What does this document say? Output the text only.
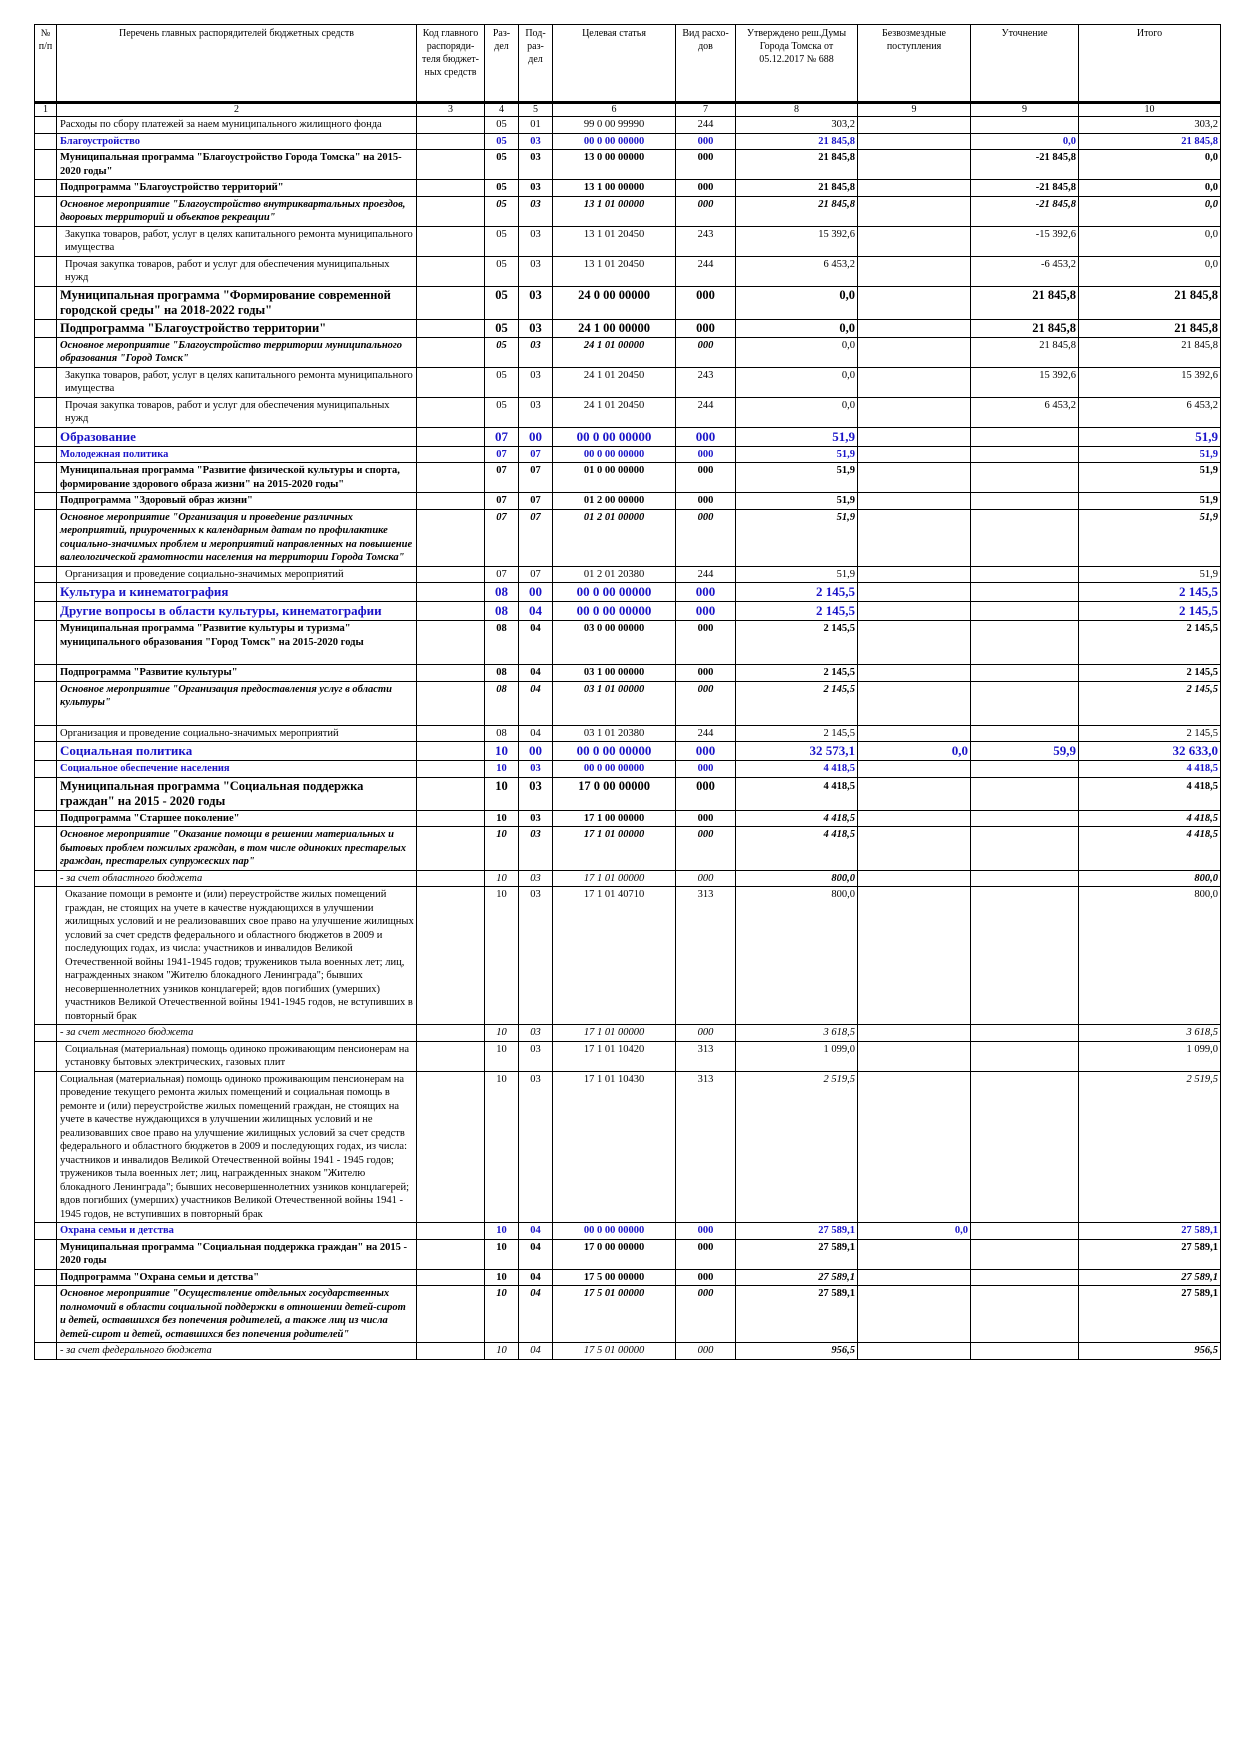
№ п/п	Перечень главных распорядителей бюджетных средств	Код главного распоряди-теля бюджет-ных средств	Раз-дел	Под-раз-дел	Целевая статья	Вид расхо-дов	Утверждено реш.Думы Города Томска от 05.12.2017 № 688	Безвозмездные поступления	Уточнение	Итого
1	2	3	4	5	6	7	8	9	9	10
	Расходы по сбору платежей за наем муниципального жилищного фонда		05	01	99 0 00 99990	244	303,2			303,2
	Благоустройство		05	03	00 0 00 00000	000	21 845,8		0,0	21 845,8
	Муниципальная программа "Благоустройство Города Томска" на 2015-2020 годы"		05	03	13 0 00 00000	000	21 845,8		-21 845,8	0,0
	Подпрограмма "Благоустройство территорий"		05	03	13 1 00 00000	000	21 845,8		-21 845,8	0,0
	Основное мероприятие "Благоустройство внутриквартальных проездов, дворовых территорий и объектов рекреации"		05	03	13 1 01 00000	000	21 845,8		-21 845,8	0,0
	Закупка товаров, работ, услуг в целях капитального ремонта муниципального имущества		05	03	13 1 01 20450	243	15 392,6		-15 392,6	0,0
	Прочая закупка товаров, работ и услуг для обеспечения муниципальных нужд		05	03	13 1 01 20450	244	6 453,2		-6 453,2	0,0
	Муниципальная программа "Формирование современной городской среды" на 2018-2022 годы"		05	03	24 0 00 00000	000	0,0		21 845,8	21 845,8
	Подпрограмма "Благоустройство территории"		05	03	24 1 00 00000	000	0,0		21 845,8	21 845,8
	Основное мероприятие "Благоустройство территории муниципального образования "Город Томск"		05	03	24 1 01 00000	000	0,0		21 845,8	21 845,8
	Закупка товаров, работ, услуг в целях капитального ремонта муниципального имущества		05	03	24 1 01 20450	243	0,0		15 392,6	15 392,6
	Прочая закупка товаров, работ и услуг для обеспечения муниципальных нужд		05	03	24 1 01 20450	244	0,0		6 453,2	6 453,2
	Образование		07	00	00 0 00 00000	000	51,9			51,9
	Молодежная политика		07	07	00 0 00 00000	000	51,9			51,9
	Муниципальная программа "Развитие физической культуры и спорта, формирование здорового образа жизни" на 2015-2020 годы"		07	07	01 0 00 00000	000	51,9			51,9
	Подпрограмма "Здоровый образ жизни"		07	07	01 2 00 00000	000	51,9			51,9
	Основное мероприятие "Организация и проведение различных мероприятий, приуроченных к календарным датам по профилактике социально-значимых проблем и мероприятий направленных на повышение валеологической грамотности населения на территории Города Томска"		07	07	01 2 01 00000	000	51,9			51,9
	Организация и проведение социально-значимых мероприятий		07	07	01 2 01 20380	244	51,9			51,9
	Культура и кинематография		08	00	00 0 00 00000	000	2 145,5			2 145,5
	Другие вопросы в области культуры, кинематографии		08	04	00 0 00 00000	000	2 145,5			2 145,5
	Муниципальная программа "Развитие культуры и туризма" муниципального образования "Город Томск" на 2015-2020 годы		08	04	03 0 00 00000	000	2 145,5			2 145,5
	Подпрограмма "Развитие культуры"		08	04	03 1 00 00000	000	2 145,5			2 145,5
	Основное мероприятие "Организация предоставления услуг в области культуры"		08	04	03 1 01 00000	000	2 145,5			2 145,5
	Организация и проведение социально-значимых мероприятий		08	04	03 1 01 20380	244	2 145,5			2 145,5
	Социальная политика		10	00	00 0 00 00000	000	32 573,1	0,0	59,9	32 633,0
	Социальное обеспечение населения		10	03	00 0 00 00000	000	4 418,5			4 418,5
	Муниципальная программа "Социальная поддержка граждан" на 2015 - 2020 годы		10	03	17 0 00 00000	000	4 418,5			4 418,5
	Подпрограмма "Старшее поколение"		10	03	17 1 00 00000	000	4 418,5			4 418,5
	Основное мероприятие "Оказание помощи в решении материальных и бытовых проблем пожилых граждан, в том числе одиноких престарелых граждан, престарелых супружеских пар"		10	03	17 1 01 00000	000	4 418,5			4 418,5
	- за счет областного бюджета		10	03	17 1 01 00000	000	800,0			800,0
	Оказание помощи в ремонте и (или) переустройстве жилых помещений граждан, не стоящих на учете в качестве нуждающихся в улучшении жилищных условий и не реализовавших свое право на улучшение жилищных условий за счет средств федерального и областного бюджетов в 2009 и последующих годах, из числа: участников и инвалидов Великой Отечественной войны 1941-1945 годов; тружеников тыла военных лет; лиц, награжденных знаком "Жителю блокадного Ленинграда"; бывших несовершеннолетних узников концлагерей; вдов погибших (умерших) участников Великой Отечественной войны 1941-1945 годов, не вступивших в повторный брак		10	03	17 1 01 40710	313	800,0			800,0
	- за счет местного бюджета		10	03	17 1 01 00000	000	3 618,5			3 618,5
	Социальная (материальная) помощь одиноко проживающим пенсионерам на установку бытовых электрических, газовых плит		10	03	17 1 01 10420	313	1 099,0			1 099,0
	Социальная (материальная) помощь одиноко проживающим пенсионерам на проведение текущего ремонта жилых помещений и социальная помощь в ремонте и (или) переустройстве жилых помещений граждан, не стоящих на учете в качестве нуждающихся в улучшении жилищных условий и не реализовавших свое право на улучшение жилищных условий за счет средств федерального и областного бюджетов в 2009 и последующих годах, из числа: участников и инвалидов Великой Отечественной войны 1941 - 1945 годов; тружеников тыла военных лет; лиц, награжденных знаком "Жителю блокадного Ленинграда"; бывших несовершеннолетних узников концлагерей; вдов погибших (умерших) участников Великой Отечественной войны 1941 - 1945 годов, не вступивших в повторный брак		10	03	17 1 01 10430	313	2 519,5			2 519,5
	Охрана семьи и детства		10	04	00 0 00 00000	000	27 589,1	0,0		27 589,1
	Муниципальная программа "Социальная поддержка граждан" на 2015 - 2020 годы		10	04	17 0 00 00000	000	27 589,1			27 589,1
	Подпрограмма "Охрана семьи и детства"		10	04	17 5 00 00000	000	27 589,1			27 589,1
	Основное мероприятие "Осуществление отдельных государственных полномочий в области социальной поддержки в отношении детей-сирот и детей, оставшихся без попечения родителей, а также лиц из числа детей-сирот и детей, оставшихся без попечения родителей"		10	04	17 5 01 00000	000	27 589,1			27 589,1
	- за счет федерального бюджета		10	04	17 5 01 00000	000	956,5			956,5
